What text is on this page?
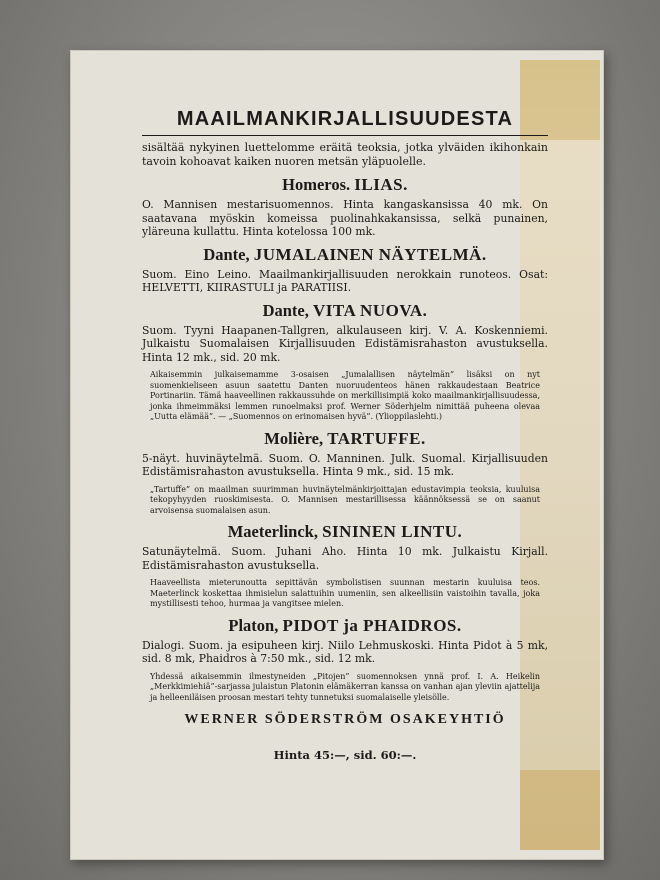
MAAILMANKIRJALLISUUDESTA

sisältää nykyinen luettelomme eräitä teoksia, jotka ylväiden ikihonkain tavoin kohoavat kaiken nuoren metsän yläpuolelle.

Homeros. ILIAS.

O. Mannisen mestarisuomennos. Hinta kangaskansissa 40 mk. On saatavana myöskin komeissa puolinahkakansissa, selkä punainen, yläreuna kullattu. Hinta kotelossa 100 mk.

Dante, JUMALAINEN NÄYTELMÄ.

Suom. Eino Leino. Maailmankirjallisuuden nerokkain runoteos. Osat: HELVETTI, KIIRASTULI ja PARATIISI.

Dante, VITA NUOVA.

Suom. Tyyni Haapanen-Tallgren, alkulauseen kirj. V. A. Koskenniemi. Julkaistu Suomalaisen Kirjallisuuden Edistämisrahaston avustuksella. Hinta 12 mk., sid. 20 mk.

Aikaisemmin julkaisemamme 3-osaisen „Jumalallisen näytelmän” lisäksi on nyt suomenkieliseen asuun saatettu Danten nuoruudenteos hänen rakkaudestaan Beatrice Portinariin. Tämä haaveellinen rakkaussuhde on merkillisimpiä koko maailmankirjallisuudessa, jonka ihmeimmäksi lemmen runoelmaksi prof. Werner Söderhjelm nimittää puheena olevaa „Uutta elämää”. — „Suomennos on erinomaisen hyvä”. (Ylioppilaslehti.)

Molière, TARTUFFE.

5-näyt. huvinäytelmä. Suom. O. Manninen. Julk. Suomal. Kirjallisuuden Edistämisrahaston avustuksella. Hinta 9 mk., sid. 15 mk.

„Tartuffe” on maailman suurimman huvinäytelmänkirjoittajan edustavimpia teoksia, kuuluisa tekopyhyyden ruoskimisesta. O. Mannisen mestarillisessa käännöksessä se on saanut arvoisensa suomalaisen asun.

Maeterlinck, SININEN LINTU.

Satunäytelmä. Suom. Juhani Aho. Hinta 10 mk. Julkaistu Kirjall. Edistämisrahaston avustuksella.

Haaveellista mieterunoutta sepittävän symbolistisen suunnan mestarin kuuluisa teos. Maeterlinck koskettaa ihmisielun salattuihin uumeniin, sen alkeellisiin vaistoihin tavalla, joka mystillisesti tehoo, hurmaa ja vangitsee mielen.

Platon, PIDOT ja PHAIDROS.

Dialogi. Suom. ja esipuheen kirj. Niilo Lehmuskoski. Hinta Pidot à 5 mk, sid. 8 mk, Phaidros à 7:50 mk., sid. 12 mk.

Yhdessä aikaisemmin ilmestyneiden „Pitojen” suomennoksen ynnä prof. I. A. Heikelin „Merkkimiehiä”-sarjassa julaistun Platonin elämäkerran kanssa on vanhan ajan yleviin ajattelija ja helleeniläisen proosan mestari tehty tunnetuksi suomalaiselle yleisölle.

WERNER SÖDERSTRÖM OSAKEYHTIÖ
Hinta 45:—, sid. 60:—.
